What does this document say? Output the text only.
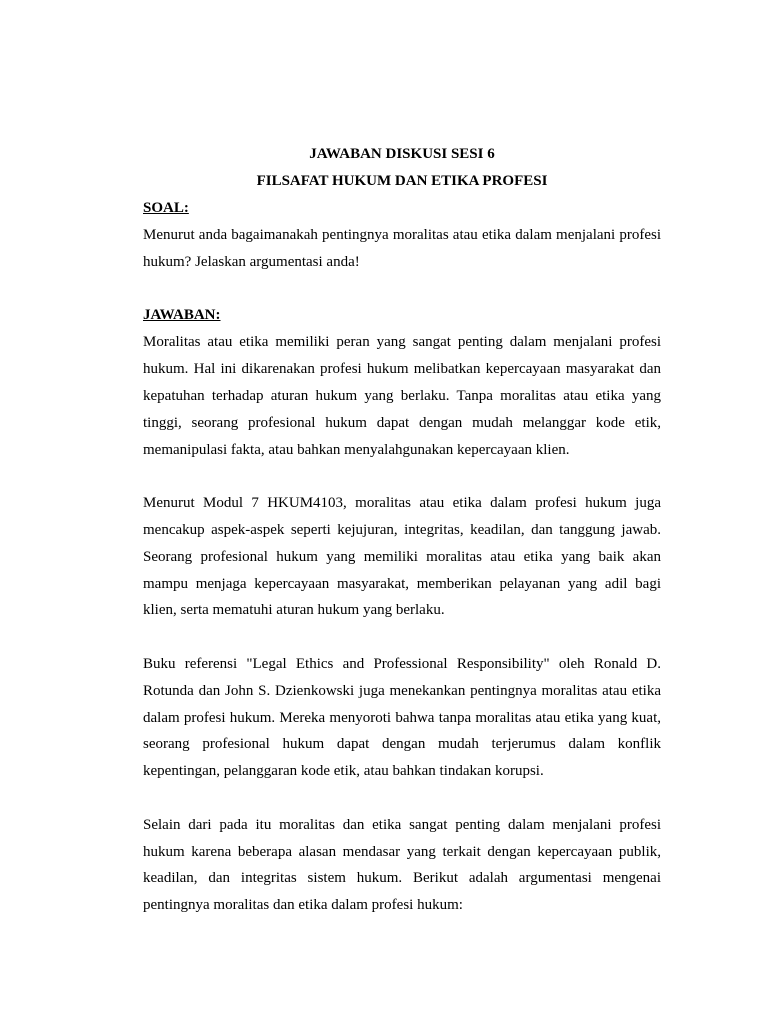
JAWABAN DISKUSI SESI 6

FILSAFAT HUKUM DAN ETIKA PROFESI

SOAL:

Menurut anda bagaimanakah pentingnya moralitas atau etika dalam menjalani profesi hukum? Jelaskan argumentasi anda!

JAWABAN:

Moralitas atau etika memiliki peran yang sangat penting dalam menjalani profesi hukum. Hal ini dikarenakan profesi hukum melibatkan kepercayaan masyarakat dan kepatuhan terhadap aturan hukum yang berlaku. Tanpa moralitas atau etika yang tinggi, seorang profesional hukum dapat dengan mudah melanggar kode etik, memanipulasi fakta, atau bahkan menyalahgunakan kepercayaan klien.

Menurut Modul 7 HKUM4103, moralitas atau etika dalam profesi hukum juga mencakup aspek-aspek seperti kejujuran, integritas, keadilan, dan tanggung jawab. Seorang profesional hukum yang memiliki moralitas atau etika yang baik akan mampu menjaga kepercayaan masyarakat, memberikan pelayanan yang adil bagi klien, serta mematuhi aturan hukum yang berlaku.

Buku referensi "Legal Ethics and Professional Responsibility" oleh Ronald D. Rotunda dan John S. Dzienkowski juga menekankan pentingnya moralitas atau etika dalam profesi hukum. Mereka menyoroti bahwa tanpa moralitas atau etika yang kuat, seorang profesional hukum dapat dengan mudah terjerumus dalam konflik kepentingan, pelanggaran kode etik, atau bahkan tindakan korupsi.

Selain dari pada itu moralitas dan etika sangat penting dalam menjalani profesi hukum karena beberapa alasan mendasar yang terkait dengan kepercayaan publik, keadilan, dan integritas sistem hukum. Berikut adalah argumentasi mengenai pentingnya moralitas dan etika dalam profesi hukum:
